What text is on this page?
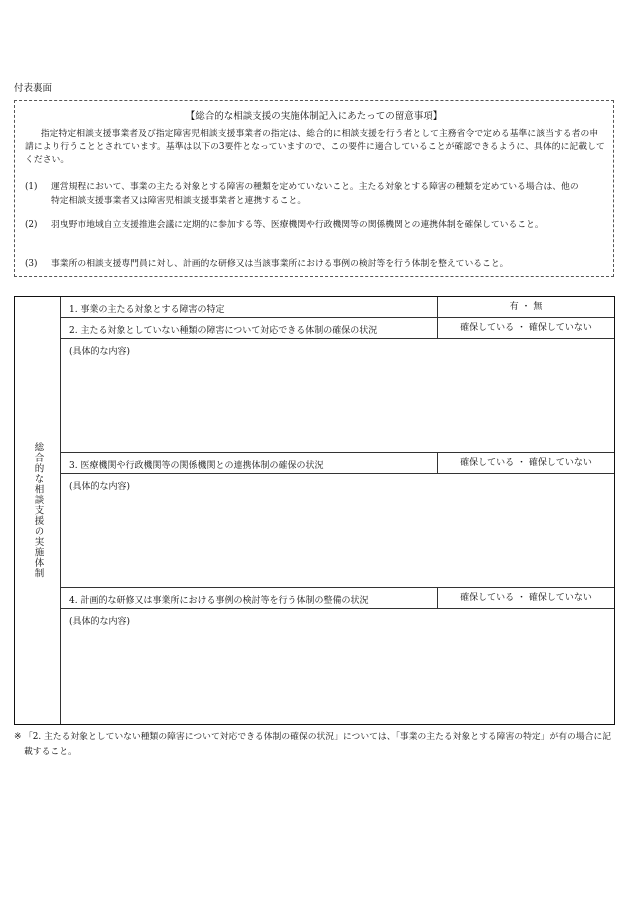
付表裏面
【総合的な相談支援の実施体制記入にあたっての留意事項】
指定特定相談支援事業者及び指定障害児相談支援事業者の指定は、総合的に相談支援を行う者として主務省令で定める基準に該当する者の申請により行うこととされています。基準は以下の3要件となっていますので、この要件に適合していることが確認できるように、具体的に記載してください。
(1)	運営規程において、事業の主たる対象とする障害の種類を定めていないこと。主たる対象とする障害の種類を定めている場合は、他の特定相談支援事業者又は障害児相談支援事業者と連携すること。
(2)	羽曳野市地域自立支援推進会議に定期的に参加する等、医療機関や行政機関等の関係機関との連携体制を確保していること。
(3)	事業所の相談支援専門員に対し、計画的な研修又は当該事業所における事例の検討等を行う体制を整えていること。
総合的な相談支援の実施体制
1. 事業の主たる対象とする障害の特定	有 ・ 無
2. 主たる対象としていない種類の障害について対応できる体制の確保の状況	確保している ・ 確保していない
(具体的な内容)
3. 医療機関や行政機関等の関係機関との連携体制の確保の状況	確保している ・ 確保していない
(具体的な内容)
4. 計画的な研修又は事業所における事例の検討等を行う体制の整備の状況	確保している ・ 確保していない
(具体的な内容)
※ 「2. 主たる対象としていない種類の障害について対応できる体制の確保の状況」については、「事業の主たる対象とする障害の特定」が有の場合に記載すること。
